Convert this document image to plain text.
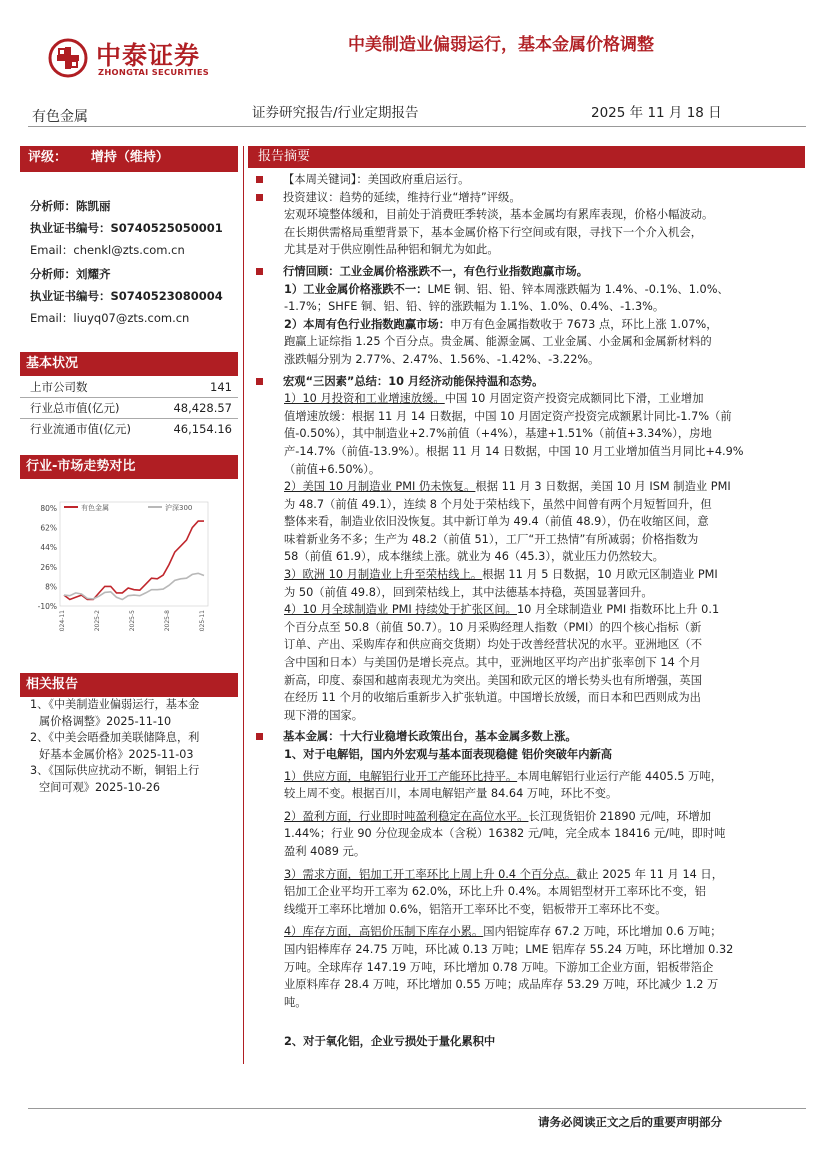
中泰证券
ZHONGTAI SECURITIES
中美制造业偏弱运行，基本金属价格调整
有色金属	证券研究报告/行业定期报告	2025 年 11 月 18 日
评级： 增持（维持）
分析师：陈凯丽
执业证书编号：S0740525050001
Email：chenkl@zts.com.cn
分析师：刘耀齐
执业证书编号：S0740523080004
Email：liuyq07@zts.com.cn
基本状况
上市公司数	141
行业总市值(亿元)	48,428.57
行业流通市值(亿元)	46,154.16
行业-市场走势对比
80%
62%
44%
26%
8%
-10%
2024-11	2025-2	2025-5	2025-8	2025-11
有色金属	沪深300
相关报告
1、《中美制造业偏弱运行，基本金
属价格调整》2025-11-10
2、《中美会晤叠加美联储降息，利
好基本金属价格》2025-11-03
3、《国际供应扰动不断，铜铝上行
空间可观》2025-10-26
报告摘要
【本周关键词】：美国政府重启运行。
投资建议：趋势的延续，维持行业“增持”评级。
宏观环境整体缓和，目前处于消费旺季转淡，基本金属均有累库表现，价格小幅波动。
在长期供需格局重塑背景下，基本金属价格下行空间或有限，寻找下一个介入机会，
尤其是对于供应刚性品种铝和铜尤为如此。
行情回顾：工业金属价格涨跌不一，有色行业指数跑赢市场。
1）工业金属价格涨跌不一：LME 铜、铝、铅、锌本周涨跌幅为 1.4%、-0.1%、1.0%、
-1.7%；SHFE 铜、铝、铅、锌的涨跌幅为 1.1%、1.0%、0.4%、-1.3%。
2）本周有色行业指数跑赢市场：申万有色金属指数收于 7673 点，环比上涨 1.07%，
跑赢上证综指 1.25 个百分点。贵金属、能源金属、工业金属、小金属和金属新材料的
涨跌幅分别为 2.77%、2.47%、1.56%、-1.42%、-3.22%。
宏观“三因素”总结：10 月经济动能保持温和态势。
1）10 月投资和工业增速放缓。中国 10 月固定资产投资完成额同比下滑，工业增加
值增速放缓：根据 11 月 14 日数据，中国 10 月固定资产投资完成额累计同比-1.7%（前
值-0.50%），其中制造业+2.7%前值（+4%），基建+1.51%（前值+3.34%），房地
产-14.7%（前值-13.9%）。根据 11 月 14 日数据，中国 10 月工业增加值当月同比+4.9%
（前值+6.50%）。
2）美国 10 月制造业 PMI 仍未恢复。根据 11 月 3 日数据，美国 10 月 ISM 制造业 PMI
为 48.7（前值 49.1），连续 8 个月处于荣枯线下，虽然中间曾有两个月短暂回升，但
整体来看，制造业依旧没恢复。其中新订单为 49.4（前值 48.9），仍在收缩区间，意
味着新业务不多；生产为 48.2（前值 51），工厂“开工热情”有所减弱；价格指数为
58（前值 61.9），成本继续上涨。就业为 46（45.3），就业压力仍然较大。
3）欧洲 10 月制造业上升至荣枯线上。根据 11 月 5 日数据，10 月欧元区制造业 PMI
为 50（前值 49.8），回到荣枯线上，其中法德基本持稳，英国显著回升。
4）10 月全球制造业 PMI 持续处于扩张区间。10 月全球制造业 PMI 指数环比上升 0.1
个百分点至 50.8（前值 50.7）。10 月采购经理人指数（PMI）的四个核心指标（新
订单、产出、采购库存和供应商交货期）均处于改善经营状况的水平。亚洲地区（不
含中国和日本）与美国仍是增长亮点。其中，亚洲地区平均产出扩张率创下 14 个月
新高，印度、泰国和越南表现尤为突出。美国和欧元区的增长势头也有所增强，英国
在经历 11 个月的收缩后重新步入扩张轨道。中国增长放缓，而日本和巴西则成为出
现下滑的国家。
基本金属：十大行业稳增长政策出台，基本金属多数上涨。
1、对于电解铝，国内外宏观与基本面表现稳健 铝价突破年内新高
1）供应方面，电解铝行业开工产能环比持平。本周电解铝行业运行产能 4405.5 万吨，
较上周不变。根据百川，本周电解铝产量 84.64 万吨，环比不变。
2）盈利方面，行业即时吨盈利稳定在高位水平。长江现货铝价 21890 元/吨，环增加
1.44%；行业 90 分位现金成本（含税）16382 元/吨，完全成本 18416 元/吨，即时吨
盈利 4089 元。
3）需求方面，铝加工开工率环比上周上升 0.4 个百分点。截止 2025 年 11 月 14 日，
铝加工企业平均开工率为 62.0%，环比上升 0.4%。本周铝型材开工率环比不变，铝
线缆开工率环比增加 0.6%，铝箔开工率环比不变，铝板带开工率环比不变。
4）库存方面，高铝价压制下库存小累。国内铝锭库存 67.2 万吨，环比增加 0.6 万吨；
国内铝棒库存 24.75 万吨，环比减 0.13 万吨；LME 铝库存 55.24 万吨，环比增加 0.32
万吨。全球库存 147.19 万吨，环比增加 0.78 万吨。下游加工企业方面，铝板带箔企
业原料库存 28.4 万吨，环比增加 0.55 万吨；成品库存 53.29 万吨，环比减少 1.2 万
吨。
2、对于氧化铝，企业亏损处于量化累积中
请务必阅读正文之后的重要声明部分
